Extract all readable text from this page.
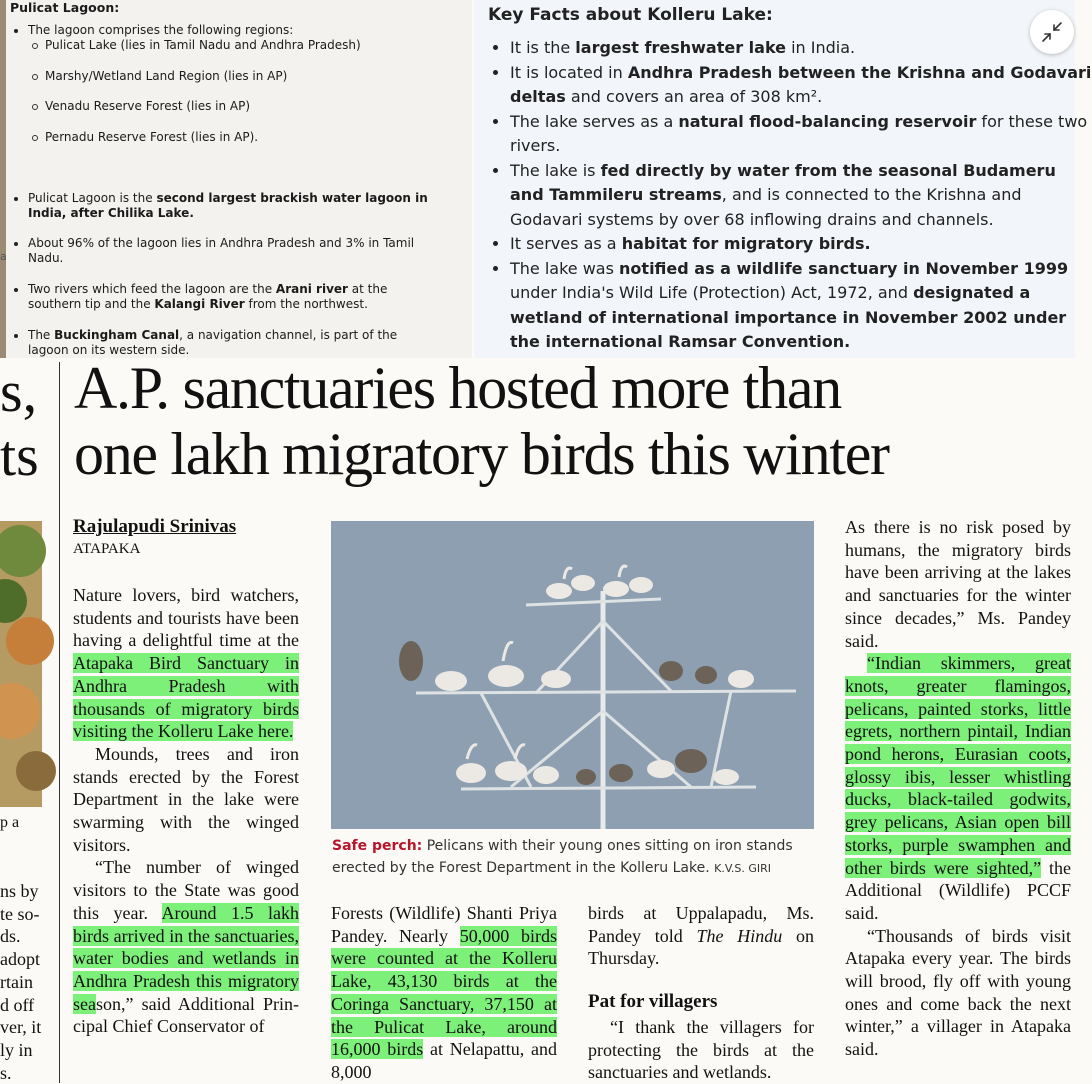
Pulicat Lagoon:
The lagoon comprises the following regions:
Pulicat Lake (lies in Tamil Nadu and Andhra Pradesh)
Marshy/Wetland Land Region (lies in AP)
Venadu Reserve Forest (lies in AP)
Pernadu Reserve Forest (lies in AP).
Pulicat Lagoon is the second largest brackish water lagoon in
India, after Chilika Lake.
About 96% of the lagoon lies in Andhra Pradesh and 3% in Tamil
Nadu.
a
Two rivers which feed the lagoon are the Arani river at the
southern tip and the Kalangi River from the northwest.
The Buckingham Canal, a navigation channel, is part of the
lagoon on its western side.
Key Facts about Kolleru Lake:
• It is the largest freshwater lake in India.
• It is located in Andhra Pradesh between the Krishna and Godavari deltas and covers an area of 308 km².
• The lake serves as a natural flood-balancing reservoir for these two rivers.
• The lake is fed directly by water from the seasonal Budameru and Tammileru streams, and is connected to the Krishna and Godavari systems by over 68 inflowing drains and channels.
• It serves as a habitat for migratory birds.
• The lake was notified as a wildlife sanctuary in November 1999 under India's Wild Life (Protection) Act, 1972, and designated a wetland of international importance in November 2002 under the international Ramsar Convention.
s,
ts
A.P. sanctuaries hosted more than
one lakh migratory birds this winter
p a
ns by
te so-
ds.
adopt
rtain
d off
ver, it
ly in
s.
Rajulapudi Srinivas
ATAPAKA

Nature lovers, bird watchers, students and tourists have been having a delightful time at the Atapaka Bird Sanctuary in Andhra Pradesh with thousands of migratory birds visiting the Kolleru Lake here.

Mounds, trees and iron stands erected by the Forest Department in the lake were swarming with the winged visitors.

“The number of winged visitors to the State was good this year. Around 1.5 lakh birds arrived in the sanctuaries, water bodies and wetlands in Andhra Pradesh this migratory season,” said Additional Principal Chief Conservator of

Safe perch: Pelicans with their young ones sitting on iron stands erected by the Forest Department in the Kolleru Lake. K.V.S. GIRI

Forests (Wildlife) Shanti Priya Pandey. Nearly 50,000 birds were counted at the Kolleru Lake, 43,130 birds at the Coringa Sanctuary, 37,150 at the Pulicat Lake, around 16,000 birds at Nelapattu, and 8,000

birds at Uppalapadu, Ms. Pandey told The Hindu on Thursday.

Pat for villagers

“I thank the villagers for protecting the birds at the sanctuaries and wetlands.

As there is no risk posed by humans, the migratory birds have been arriving at the lakes and sanctuaries for the winter since decades,” Ms. Pandey said.

“Indian skimmers, great knots, greater flamingos, pelicans, painted storks, little egrets, northern pintail, Indian pond herons, Eurasian coots, glossy ibis, lesser whistling ducks, black-tailed godwits, grey pelicans, Asian open bill storks, purple swamphen and other birds were sighted,” the Additional (Wildlife) PCCF said.

“Thousands of birds visit Atapaka every year. The birds will brood, fly off with young ones and come back the next winter,” a villager in Atapaka said.
